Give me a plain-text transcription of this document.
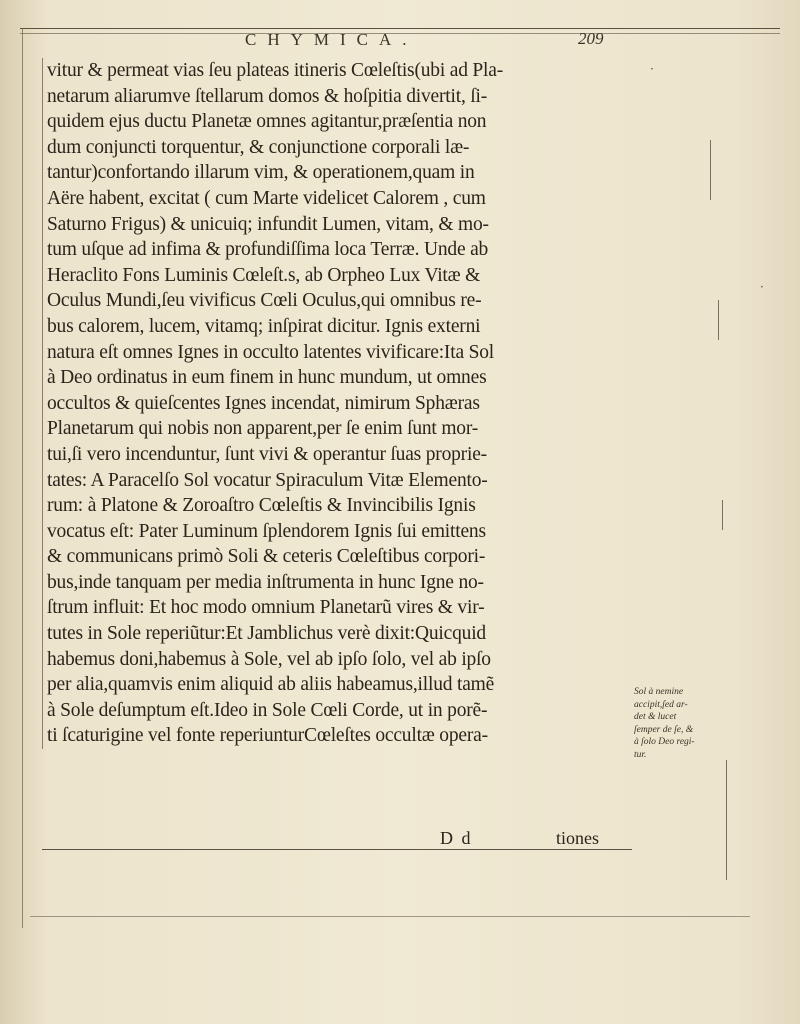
CHYMICA.	209
vitur & permeat vias ſeu plateas itineris Cœleſtis(ubi ad Pla-
netarum aliarumve ſtellarum domos & hoſpitia divertit, ſi-
quidem ejus ductu Planetæ omnes agitantur,præſentia non
dum conjuncti torquentur, & conjunctione corporali læ-
tantur)confortando illarum vim, & operationem,quam in
Aëre habent, excitat ( cum Marte videlicet Calorem , cum
Saturno Frigus) & unicuiq; infundit Lumen, vitam, & mo-
tum uſque ad infima & profundiſſima loca Terræ. Unde ab
Heraclito Fons Luminis Cœleſt.s, ab Orpheo Lux Vitæ &
Oculus Mundi,ſeu vivificus Cœli Oculus,qui omnibus re-
bus calorem, lucem, vitamq; inſpirat dicitur. Ignis externi
natura eſt omnes Ignes in occulto latentes vivificare:Ita Sol
à Deo ordinatus in eum finem in hunc mundum, ut omnes
occultos & quieſcentes Ignes incendat, nimirum Sphæras
Planetarum qui nobis non apparent,per ſe enim ſunt mor-
tui,ſi vero incenduntur, ſunt vivi & operantur ſuas proprie-
tates: A Paracelſo Sol vocatur Spiraculum Vitæ Elemento-
rum: à Platone & Zoroaſtro Cœleſtis & Invincibilis Ignis
vocatus eſt: Pater Luminum ſplendorem Ignis ſui emittens
& communicans primò Soli & ceteris Cœleſtibus corpori-
bus,inde tanquam per media inſtrumenta in hunc Igne no-
ſtrum influit: Et hoc modo omnium Planetarũ vires & vir-
tutes in Sole reperiũtur:Et Jamblichus verè dixit:Quicquid
habemus doni,habemus à Sole, vel ab ipſo ſolo, vel ab ipſo
per alia,quamvis enim aliquid ab aliis habeamus,illud tamẽ
à Sole deſumptum eſt.Ideo in Sole Cœli Corde, ut in porẽ-
ti ſcaturigine vel fonte reperiunturCœleſtes occultæ opera-
D d	tiones
Sol à nemine
accipit,ſed ar-
det & lucet
ſemper de ſe, &
à ſolo Deo regi-
tur.
·
·
